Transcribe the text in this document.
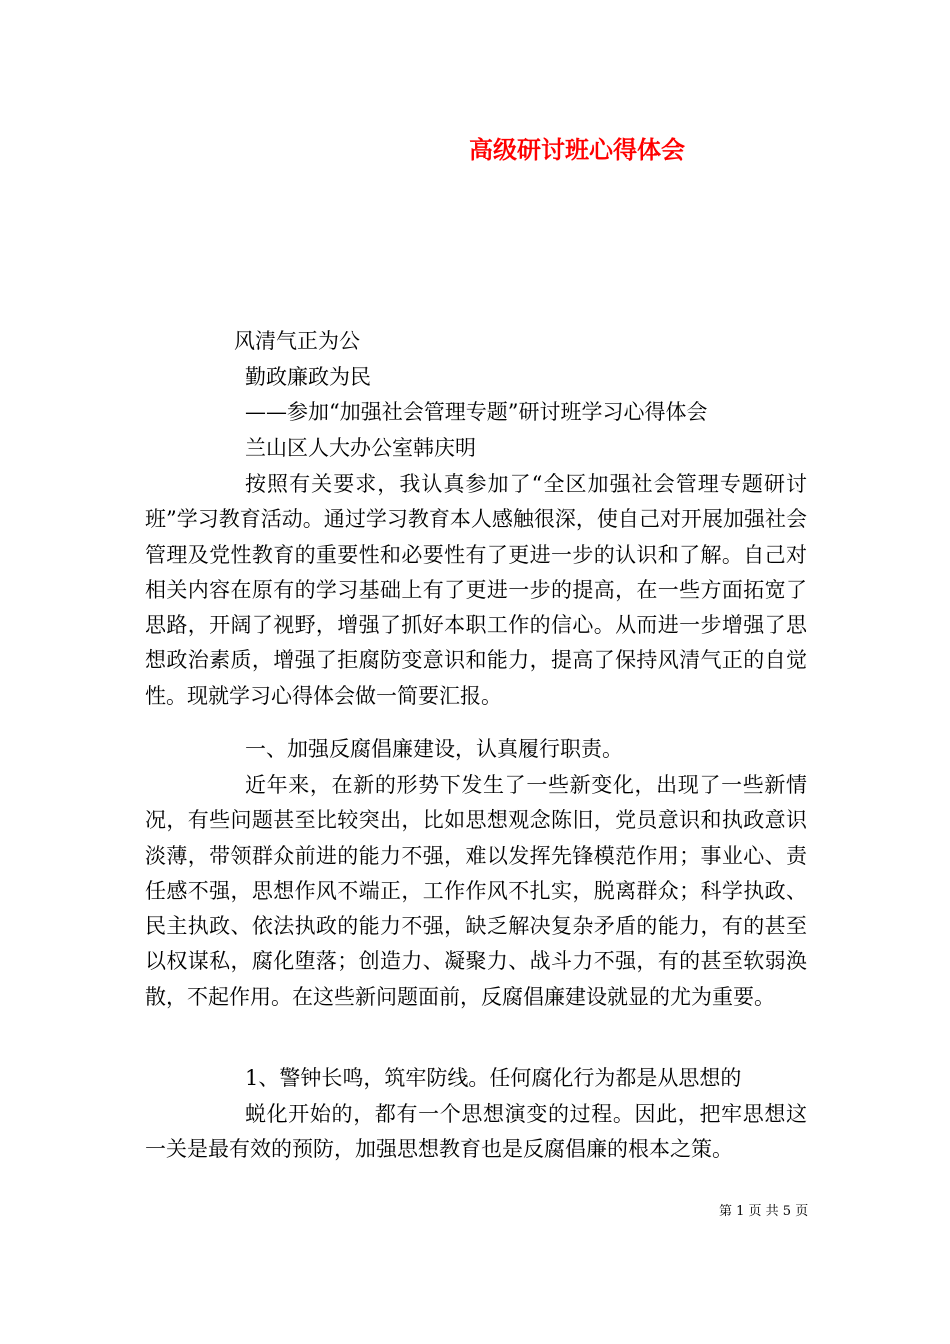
高级研讨班心得体会
风清气正为公
勤政廉政为民
——参加“加强社会管理专题”研讨班学习心得体会
兰山区人大办公室韩庆明
按照有关要求，我认真参加了“全区加强社会管理专题研讨班”学习教育活动。通过学习教育本人感触很深，使自己对开展加强社会管理及党性教育的重要性和必要性有了更进一步的认识和了解。自己对相关内容在原有的学习基础上有了更进一步的提高，在一些方面拓宽了思路，开阔了视野，增强了抓好本职工作的信心。从而进一步增强了思想政治素质，增强了拒腐防变意识和能力，提高了保持风清气正的自觉性。现就学习心得体会做一简要汇报。
一、加强反腐倡廉建设，认真履行职责。
近年来，在新的形势下发生了一些新变化，出现了一些新情况，有些问题甚至比较突出，比如思想观念陈旧，党员意识和执政意识淡薄，带领群众前进的能力不强，难以发挥先锋模范作用；事业心、责任感不强，思想作风不端正，工作作风不扎实，脱离群众；科学执政、民主执政、依法执政的能力不强，缺乏解决复杂矛盾的能力，有的甚至以权谋私，腐化堕落；创造力、凝聚力、战斗力不强，有的甚至软弱涣散，不起作用。在这些新问题面前，反腐倡廉建设就显的尤为重要。
1、警钟长鸣，筑牢防线。任何腐化行为都是从思想的
蜕化开始的，都有一个思想演变的过程。因此，把牢思想这一关是最有效的预防，加强思想教育也是反腐倡廉的根本之策。
第 1 页 共 5 页
